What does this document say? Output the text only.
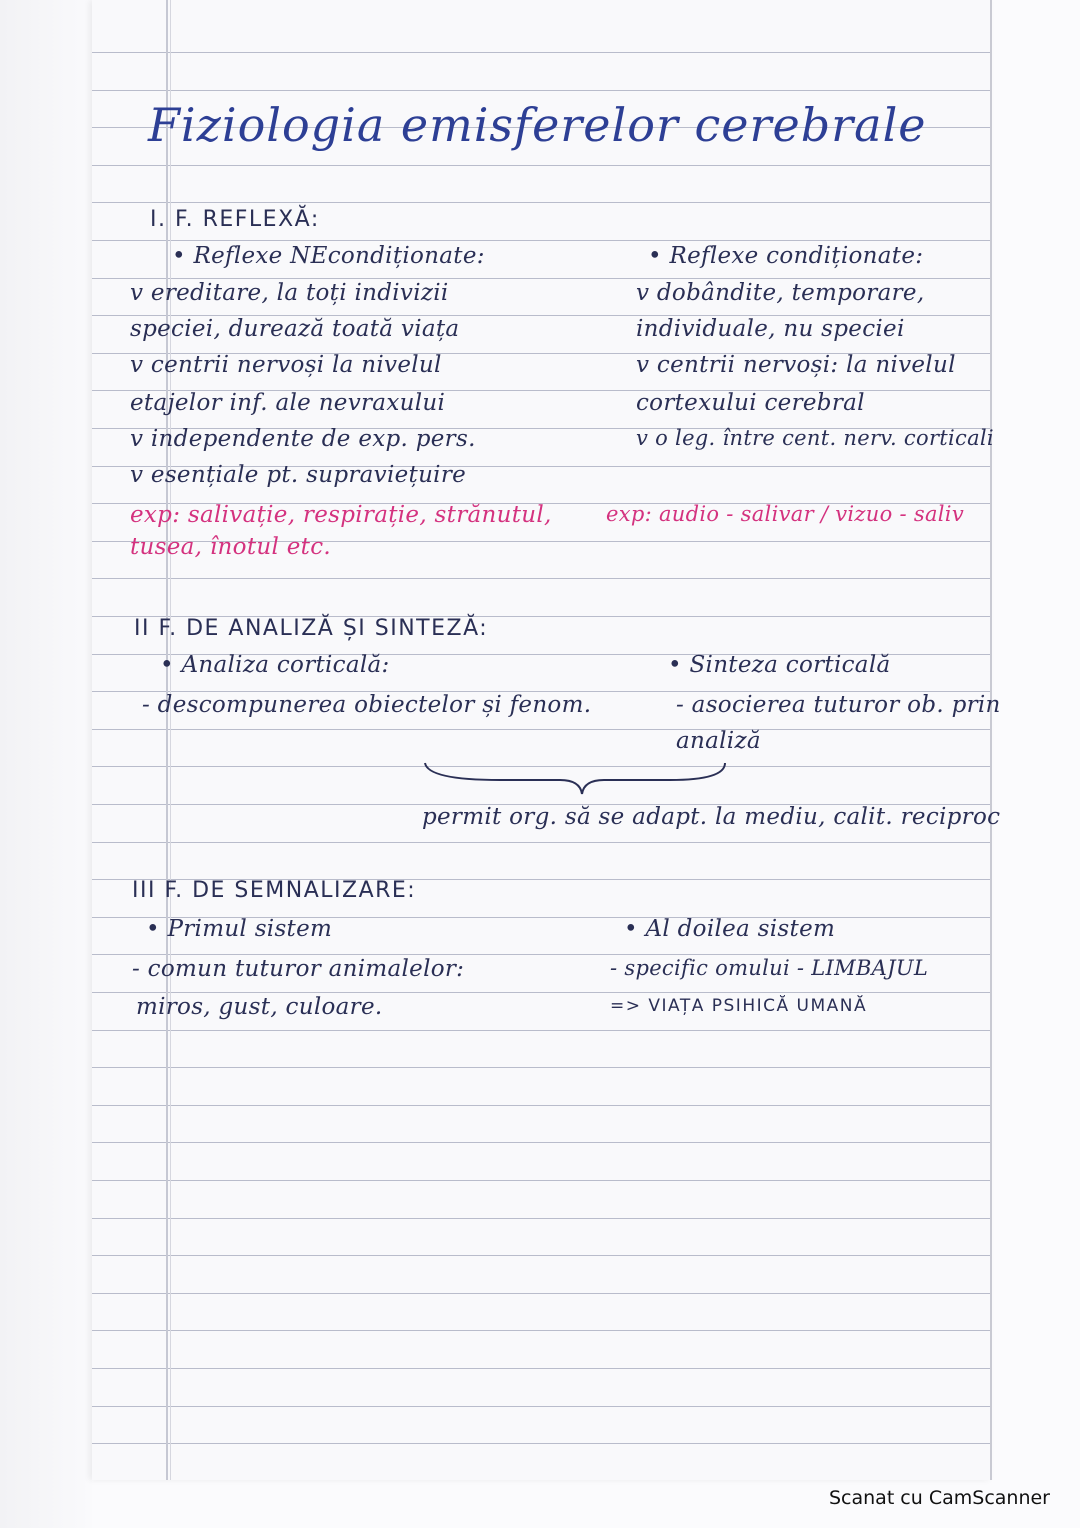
Fiziologia emisferelor cerebrale
I. F. REFLEXĂ:
• Reflexe NEcondiționate:
v ereditare, la toți indivizii
speciei, durează toată viața
v centrii nervoși la nivelul
etajelor inf. ale nevraxului
v independente de exp. pers.
v esențiale pt. supraviețuire
exp: salivație, respirație, strănutul,
tusea, înotul etc.
• Reflexe condiționate:
v dobândite, temporare,
individuale, nu speciei
v centrii nervoși: la nivelul
cortexului cerebral
v o leg. între cent. nerv. corticali
exp: audio - salivar / vizuo - saliv
II F. DE ANALIZĂ ȘI SINTEZĂ:
• Analiza corticală:
- descompunerea obiectelor și fenom.
• Sinteza corticală
- asocierea tuturor ob. prin
analiză
permit org. să se adapt. la mediu, calit. reciproc
III F. DE SEMNALIZARE:
• Primul sistem
- comun tuturor animalelor:
miros, gust, culoare.
• Al doilea sistem
- specific omului - LIMBAJUL
=> VIAȚA PSIHICĂ UMANĂ
Scanat cu CamScanner
